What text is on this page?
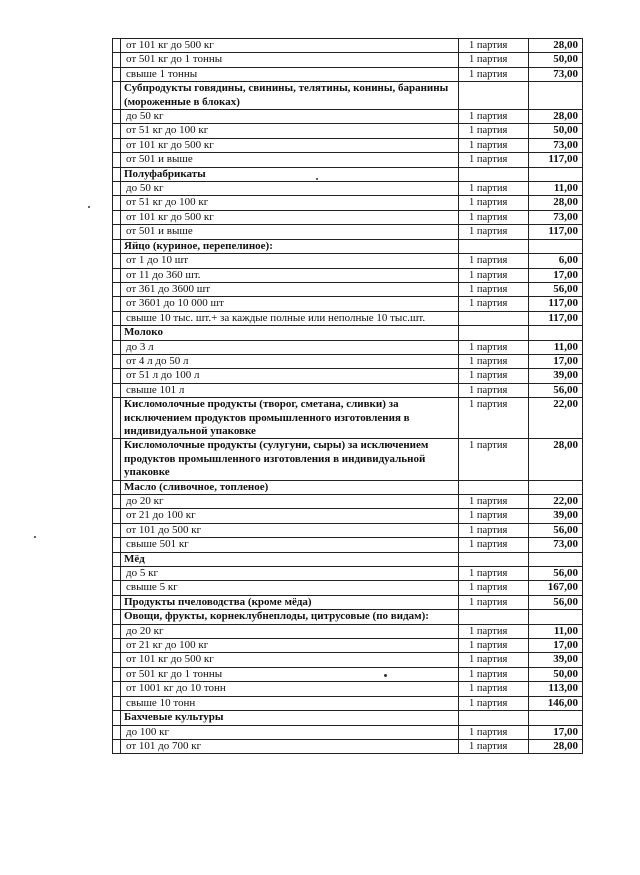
	от 101 кг до 500 кг	1 партия	28,00
	от 501 кг до 1 тонны	1 партия	50,00
	свыше 1 тонны	1 партия	73,00
	Субпродукты говядины, свинины, телятины, конины, баранины (мороженные в блоках)		
	до 50 кг	1 партия	28,00
	от 51 кг до 100 кг	1 партия	50,00
	от 101 кг до 500 кг	1 партия	73,00
	от 501 и выше	1 партия	117,00
	Полуфабрикаты		
	до 50 кг	1 партия	11,00
	от 51 кг до 100 кг	1 партия	28,00
	от 101 кг до 500 кг	1 партия	73,00
	от 501 и выше	1 партия	117,00
	Яйцо (куриное, перепелиное):		
	от 1 до 10 шт	1 партия	6,00
	от 11 до 360 шт.	1 партия	17,00
	от 361 до 3600 шт	1 партия	56,00
	от 3601 до 10 000 шт	1 партия	117,00
	свыше 10 тыс. шт.+ за каждые полные или неполные 10 тыс.шт.		117,00
	Молоко		
	до 3 л	1 партия	11,00
	от 4 л до 50 л	1 партия	17,00
	от 51 л до 100 л	1 партия	39,00
	свыше 101 л	1 партия	56,00
	Кисломолочные продукты (творог, сметана, сливки) за исключением продуктов промышленного изготовления в индивидуальной упаковке	1 партия	22,00
	Кисломолочные продукты (сулугуни, сыры) за исключением продуктов промышленного изготовления в индивидуальной упаковке	1 партия	28,00
	Масло (сливочное, топленое)		
	до 20 кг	1 партия	22,00
	от 21 до 100 кг	1 партия	39,00
	от 101 до 500 кг	1 партия	56,00
	свыше 501 кг	1 партия	73,00
	Мёд		
	до 5 кг	1 партия	56,00
	свыше 5 кг	1 партия	167,00
	Продукты пчеловодства (кроме мёда)	1 партия	56,00
	Овощи, фрукты, корнеклубнеплоды, цитрусовые (по видам):		
	до 20 кг	1 партия	11,00
	от 21 кг до 100 кг	1 партия	17,00
	от 101 кг до 500 кг	1 партия	39,00
	от 501 кг до 1 тонны	1 партия	50,00
	от 1001 кг до 10 тонн	1 партия	113,00
	свыше 10 тонн	1 партия	146,00
	Бахчевые культуры		
	до 100 кг	1 партия	17,00
	от 101 до 700 кг	1 партия	28,00
